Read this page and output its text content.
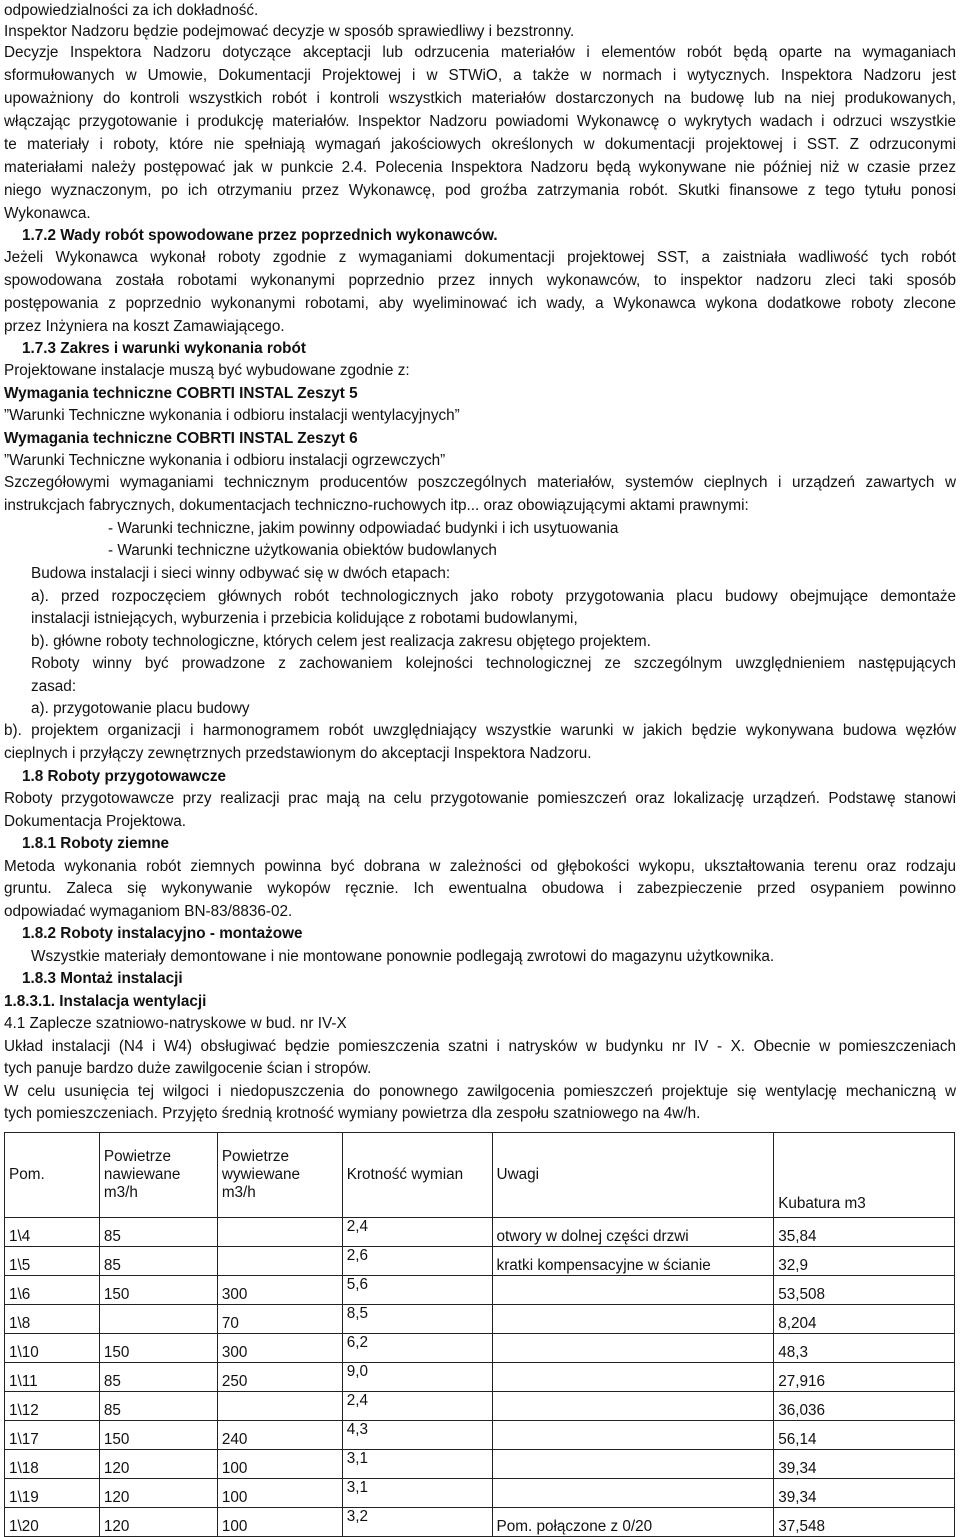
odpowiedzialności za ich dokładność.
Inspektor Nadzoru będzie podejmować decyzje w sposób sprawiedliwy i bezstronny.
Decyzje Inspektora Nadzoru dotyczące akceptacji lub odrzucenia materiałów i elementów robót będą oparte na wymaganiach
sformułowanych w Umowie, Dokumentacji Projektowej i w STWiO, a także w normach i wytycznych. Inspektora Nadzoru jest
upoważniony do kontroli wszystkich robót i kontroli wszystkich materiałów dostarczonych na budowę lub na niej produkowanych,
włączając przygotowanie i produkcję materiałów. Inspektor Nadzoru powiadomi Wykonawcę o wykrytych wadach i odrzuci wszystkie
te materiały i roboty, które nie spełniają wymagań jakościowych określonych w dokumentacji projektowej i SST. Z odrzuconymi
materiałami należy postępować jak w punkcie 2.4. Polecenia Inspektora Nadzoru będą wykonywane nie później niż w czasie przez
niego wyznaczonym, po ich otrzymaniu przez Wykonawcę, pod groźba zatrzymania robót. Skutki finansowe z tego tytułu ponosi
Wykonawca.
1.7.2 Wady robót spowodowane przez poprzednich wykonawców.
Jeżeli Wykonawca wykonał roboty zgodnie z wymaganiami dokumentacji projektowej SST, a zaistniała wadliwość tych robót
spowodowana została robotami wykonanymi poprzednio przez innych wykonawców, to inspektor nadzoru zleci taki sposób
postępowania z poprzednio wykonanymi robotami, aby wyeliminować ich wady, a Wykonawca wykona dodatkowe roboty zlecone
przez Inżyniera na koszt Zamawiającego.
1.7.3 Zakres i warunki wykonania robót
Projektowane instalacje muszą być wybudowane zgodnie z:
Wymagania techniczne COBRTI INSTAL Zeszyt 5
”Warunki Techniczne wykonania i odbioru instalacji wentylacyjnych”
Wymagania techniczne COBRTI INSTAL Zeszyt 6
”Warunki Techniczne wykonania i odbioru instalacji ogrzewczych”
Szczegółowymi wymaganiami technicznym producentów poszczególnych materiałów, systemów cieplnych i urządzeń zawartych w
instrukcjach fabrycznych, dokumentacjach techniczno-ruchowych itp... oraz obowiązującymi aktami prawnymi:
- Warunki techniczne, jakim powinny odpowiadać budynki i ich usytuowania
- Warunki techniczne użytkowania obiektów budowlanych
Budowa instalacji i sieci winny odbywać się w dwóch etapach:
a). przed rozpoczęciem głównych robót technologicznych jako roboty przygotowania placu budowy obejmujące demontaże
instalacji istniejących, wyburzenia i przebicia kolidujące z robotami budowlanymi,
b). główne roboty technologiczne, których celem jest realizacja zakresu objętego projektem.
Roboty winny być prowadzone z zachowaniem kolejności technologicznej ze szczególnym uwzględnieniem następujących
zasad:
a). przygotowanie placu budowy
b). projektem organizacji i harmonogramem robót uwzględniający wszystkie warunki w jakich będzie wykonywana budowa węzłów
cieplnych i przyłączy zewnętrznych przedstawionym do akceptacji Inspektora Nadzoru.
1.8 Roboty przygotowawcze
Roboty przygotowawcze przy realizacji prac mają na celu przygotowanie pomieszczeń oraz lokalizację urządzeń. Podstawę stanowi
Dokumentacja Projektowa.
1.8.1 Roboty ziemne
Metoda wykonania robót ziemnych powinna być dobrana w zależności od głębokości wykopu, ukształtowania terenu oraz rodzaju
gruntu. Zaleca się wykonywanie wykopów ręcznie. Ich ewentualna obudowa i zabezpieczenie przed osypaniem powinno
odpowiadać wymaganiom BN-83/8836-02.
1.8.2 Roboty instalacyjno - montażowe
Wszystkie materiały demontowane i nie montowane ponownie podlegają zwrotowi do magazynu użytkownika.
1.8.3 Montaż instalacji
1.8.3.1. Instalacja wentylacji
4.1 Zaplecze szatniowo-natryskowe w bud. nr IV-X
Układ instalacji (N4 i W4) obsługiwać będzie pomieszczenia szatni i natrysków w budynku nr IV - X. Obecnie w pomieszczeniach
tych panuje bardzo duże zawilgocenie ścian i stropów.
W celu usunięcia tej wilgoci i niedopuszczenia do ponownego zawilgocenia pomieszczeń projektuje się wentylację mechaniczną w
tych pomieszczeniach. Przyjęto średnią krotność wymiany powietrza dla zespołu szatniowego na 4w/h.
Pom.	Powietrze nawiewane m3/h	Powietrze wywiewane m3/h	Krotność wymian	Uwagi	Kubatura m3
1\4	85		2,4	otwory w dolnej części drzwi	35,84
1\5	85		2,6	kratki kompensacyjne w ścianie	32,9
1\6	150	300	5,6		53,508
1\8		70	8,5		8,204
1\10	150	300	6,2		48,3
1\11	85	250	9,0		27,916
1\12	85		2,4		36,036
1\17	150	240	4,3		56,14
1\18	120	100	3,1		39,34
1\19	120	100	3,1		39,34
1\20	120	100	3,2	Pom. połączone z 0/20	37,548
